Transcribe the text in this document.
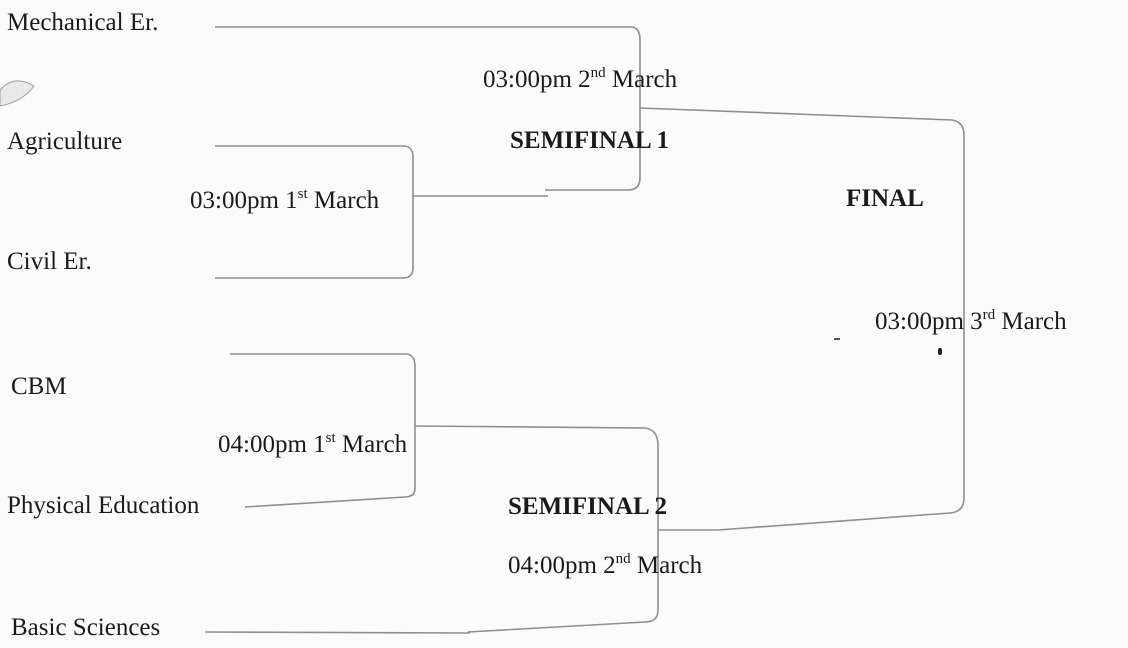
Mechanical Er.
Agriculture
Civil Er.
CBM
Physical Education
Basic Sciences
03:00pm 1st March
04:00pm 1st March
03:00pm 2nd March
SEMIFINAL 1
SEMIFINAL 2
04:00pm 2nd March
FINAL
03:00pm 3rd March
